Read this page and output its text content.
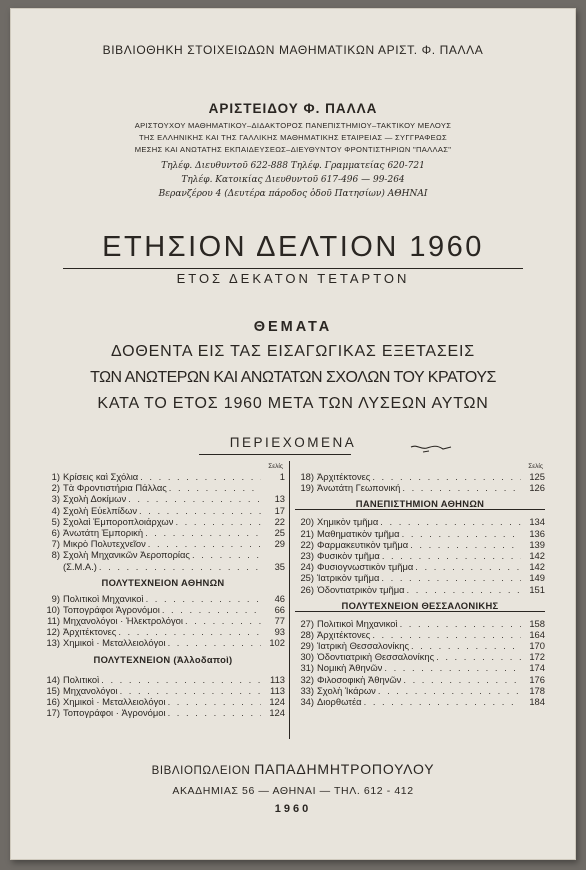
ΒΙΒΛΙΟΘΗΚΗ ΣΤΟΙΧΕΙΩΔΩΝ ΜΑΘΗΜΑΤΙΚΩΝ ΑΡΙΣΤ. Φ. ΠΑΛΛΑ
ΑΡΙΣΤΕΙΔΟΥ Φ. ΠΑΛΛΑ
ΑΡΙΣΤΟΥΧΟΥ ΜΑΘΗΜΑΤΙΚΟΥ–ΔΙΔΑΚΤΟΡΟΣ ΠΑΝΕΠΙΣΤΗΜΙΟΥ–ΤΑΚΤΙΚΟΥ ΜΕΛΟΥΣ
ΤΗΣ ΕΛΛΗΝΙΚΗΣ ΚΑΙ ΤΗΣ ΓΑΛΛΙΚΗΣ ΜΑΘΗΜΑΤΙΚΗΣ ΕΤΑΙΡΕΙΑΣ — ΣΥΓΓΡΑΦΕΩΣ
ΜΕΣΗΣ ΚΑΙ ΑΝΩΤΑΤΗΣ ΕΚΠΑΙΔΕΥΣΕΩΣ–ΔΙΕΥΘΥΝΤΟΥ ΦΡΟΝΤΙΣΤΗΡΙΩΝ "ΠΑΛΛΑΣ"
Τηλέφ. Διευθυντοῦ 622-888 Τηλέφ. Γραμματείας 620-721
Τηλέφ. Κατοικίας Διευθυντοῦ 617-496 — 99-264
Βερανζέρου 4 (Δευτέρα πάροδος ὁδοῦ Πατησίων) ΑΘΗΝΑΙ
ΕΤΗΣΙΟΝ ΔΕΛΤΙΟΝ 1960
ΕΤΟΣ ΔΕΚΑΤΟΝ ΤΕΤΑΡΤΟΝ
ΘΕΜΑΤΑ
ΔΟΘΕΝΤΑ ΕΙΣ ΤΑΣ ΕΙΣΑΓΩΓΙΚΑΣ ΕΞΕΤΑΣΕΙΣ
ΤΩΝ ΑΝΩΤΕΡΩΝ ΚΑΙ ΑΝΩΤΑΤΩΝ ΣΧΟΛΩΝ ΤΟΥ ΚΡΑΤΟΥΣ
ΚΑΤΑ ΤΟ ΕΤΟΣ 1960 ΜΕΤΑ ΤΩΝ ΛΥΣΕΩΝ ΑΥΤΩΝ
ΠΕΡΙΕΧΟΜΕΝΑ
Σελίς
1) Κρίσεις καὶ Σχόλια . . .	1
2) Τὰ Φροντιστήρια Πάλλας
. . .
3) Σχολὴ Δοκίμων . . .	13
4) Σχολὴ Εὐελπίδων . . .	17
5) Σχολαὶ Ἐμποροπλοιάρχων . . .	22
6) Ἀνωτάτη Ἐμπορικὴ . . .	25
7) Μικρὸ Πολυτεχνεῖον . . .	29
8) Σχολὴ Μηχανικῶν Ἀεροπορίας
. . .
(Σ.Μ.Α.) . . .	35
ΠΟΛΥΤΕΧΝΕΙΟΝ ΑΘΗΝΩΝ
9) Πολιτικοὶ Μηχανικοὶ . . .	46
10) Τοπογράφοι Ἀγρονόμοι . . .	66
11) Μηχανολόγοι · Ἠλεκτρολόγοι . . .	77
12) Ἀρχιτέκτονες . . .	93
13) Χημικοὶ · Μεταλλειολόγοι . . .	102
ΠΟΛΥΤΕΧΝΕΙΟΝ (Ἀλλοδαποὶ)
14) Πολιτικοὶ . . .	113
15) Μηχανολόγοι . . .	113
16) Χημικοὶ · Μεταλλειολόγοι . . .	124
17) Τοπογράφοι · Ἀγρονόμοι . . .	124
Σελίς
18) Ἀρχιτέκτονες . . .	125
19) Ἀνωτάτη Γεωπονική . . .	126
ΠΑΝΕΠΙΣΤΗΜΙΟΝ ΑΘΗΝΩΝ
20) Χημικὸν τμῆμα . . .	134
21) Μαθηματικὸν τμῆμα . . .	136
22) Φαρμακευτικὸν τμῆμα . . .	139
23) Φυσικὸν τμῆμα . . .	142
24) Φυσιογνωστικὸν τμῆμα . . .	142
25) Ἰατρικὸν τμῆμα . . .	149
26) Ὀδοντιατρικὸν τμῆμα . . .	151
ΠΟΛΥΤΕΧΝΕΙΟΝ ΘΕΣΣΑΛΟΝΙΚΗΣ
27) Πολιτικοὶ Μηχανικοὶ . . .	158
28) Ἀρχιτέκτονες . . .	164
29) Ἰατρικὴ Θεσσαλονίκης . . .	170
30) Ὀδοντιατρικὴ Θεσσαλονίκης . . .	172
31) Νομικὴ Ἀθηνῶν . . .	174
32) Φιλοσοφικὴ Ἀθηνῶν . . .	176
33) Σχολὴ Ἰκάρων . . .	178
34) Διορθωτέα . . .	184
ΒΙΒΛΙΟΠΩΛΕΙΟΝ ΠΑΠΑΔΗΜΗΤΡΟΠΟΥΛΟΥ
ΑΚΑΔΗΜΙΑΣ 56 — ΑΘΗΝΑΙ — ΤΗΛ. 612 - 412
1960
